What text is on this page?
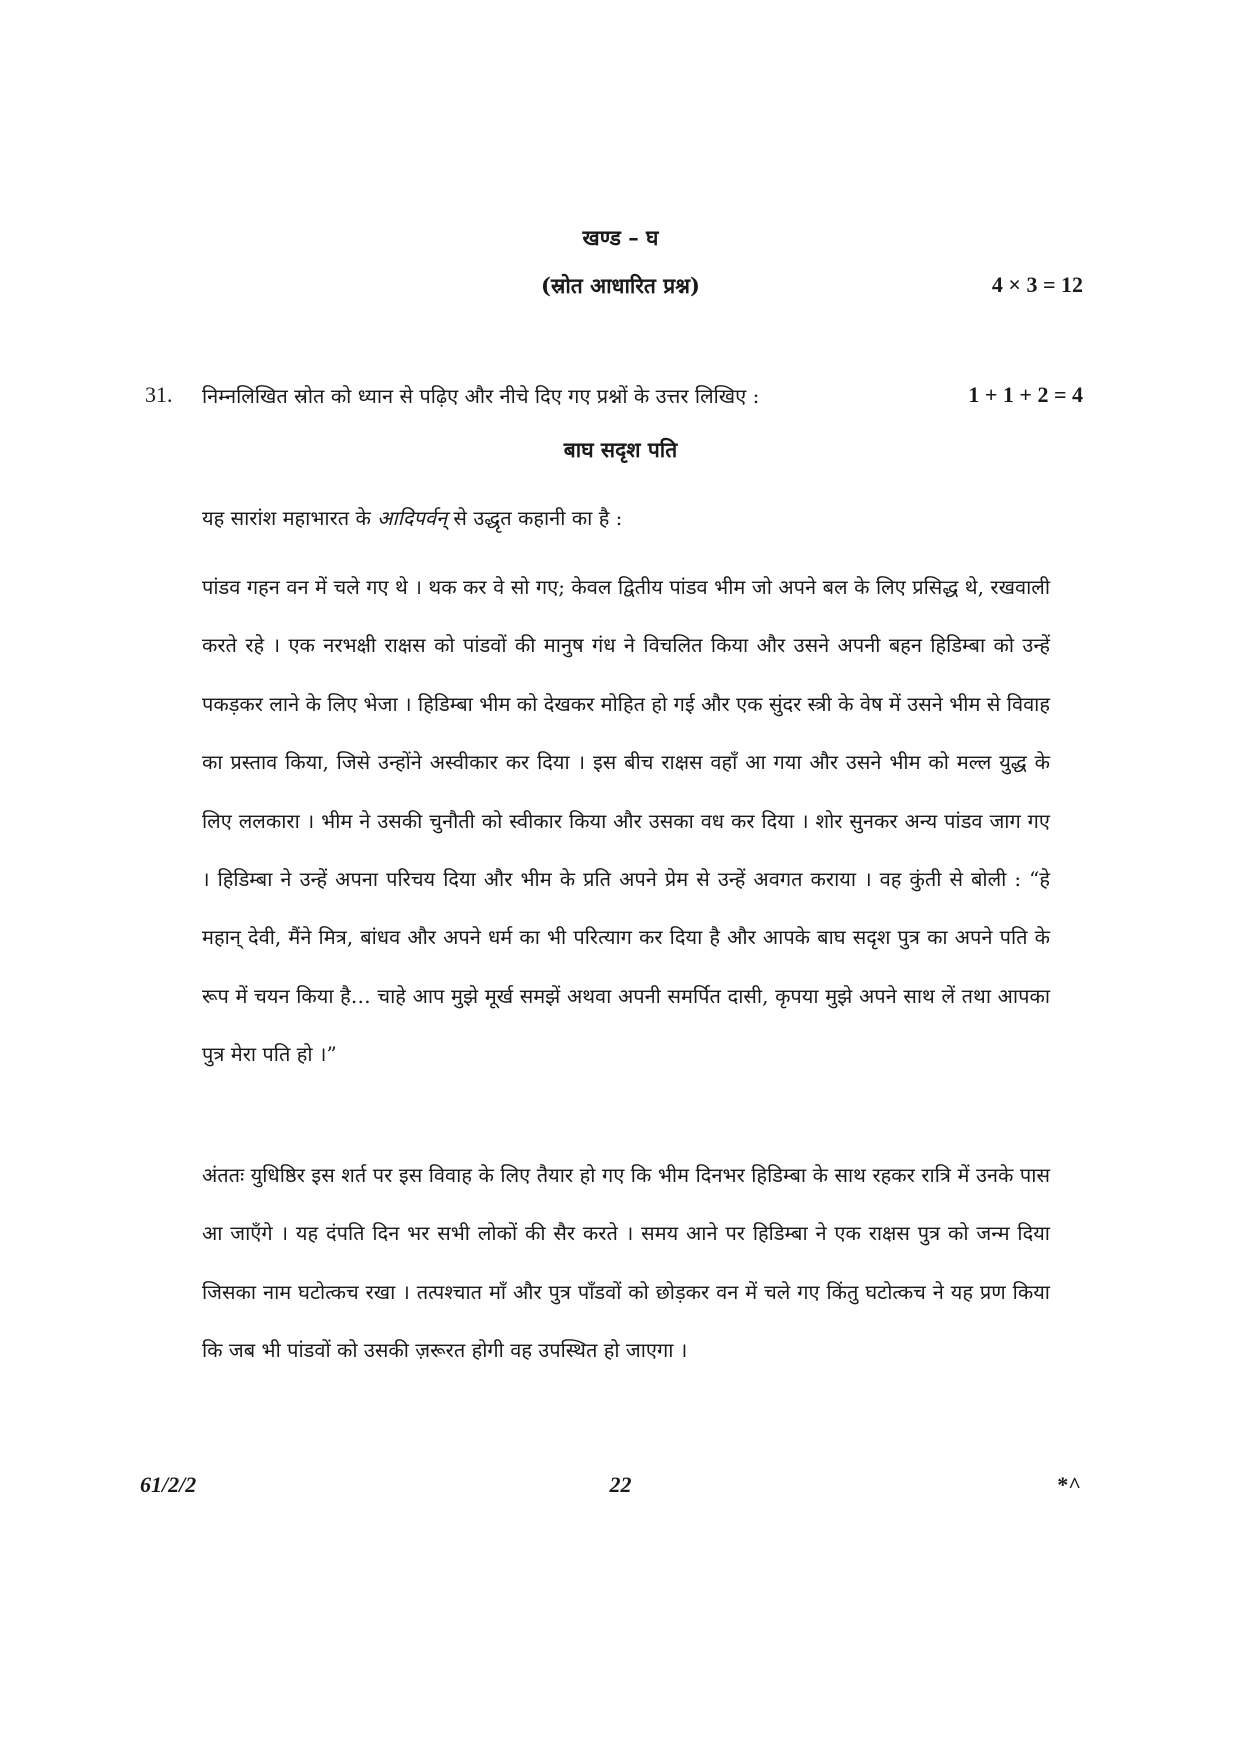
खण्ड – घ
(स्रोत आधारित प्रश्न)	4 × 3 = 12
31. निम्नलिखित स्रोत को ध्यान से पढ़िए और नीचे दिए गए प्रश्नों के उत्तर लिखिए :	1 + 1 + 2 = 4
बाघ सदृश पति
यह सारांश महाभारत के आदिपर्वन् से उद्धृत कहानी का है :

पांडव गहन वन में चले गए थे । थक कर वे सो गए; केवल द्वितीय पांडव भीम जो अपने बल के लिए प्रसिद्ध थे, रखवाली करते रहे । एक नरभक्षी राक्षस को पांडवों की मानुष गंध ने विचलित किया और उसने अपनी बहन हिडिम्बा को उन्हें पकड़कर लाने के लिए भेजा । हिडिम्बा भीम को देखकर मोहित हो गई और एक सुंदर स्त्री के वेष में उसने भीम से विवाह का प्रस्ताव किया, जिसे उन्होंने अस्वीकार कर दिया । इस बीच राक्षस वहाँ आ गया और उसने भीम को मल्ल युद्ध के लिए ललकारा । भीम ने उसकी चुनौती को स्वीकार किया और उसका वध कर दिया । शोर सुनकर अन्य पांडव जाग गए । हिडिम्बा ने उन्हें अपना परिचय दिया और भीम के प्रति अपने प्रेम से उन्हें अवगत कराया । वह कुंती से बोली : “हे महान् देवी, मैंने मित्र, बांधव और अपने धर्म का भी परित्याग कर दिया है और आपके बाघ सदृश पुत्र का अपने पति के रूप में चयन किया है… चाहे आप मुझे मूर्ख समझें अथवा अपनी समर्पित दासी, कृपया मुझे अपने साथ लें तथा आपका पुत्र मेरा पति हो ।”

अंततः युधिष्ठिर इस शर्त पर इस विवाह के लिए तैयार हो गए कि भीम दिनभर हिडिम्बा के साथ रहकर रात्रि में उनके पास आ जाएँगे । यह दंपति दिन भर सभी लोकों की सैर करते । समय आने पर हिडिम्बा ने एक राक्षस पुत्र को जन्म दिया जिसका नाम घटोत्कच रखा । तत्पश्चात माँ और पुत्र पाँडवों को छोड़कर वन में चले गए किंतु घटोत्कच ने यह प्रण किया कि जब भी पांडवों को उसकी ज़रूरत होगी वह उपस्थित हो जाएगा ।

61/2/2	22	*^
